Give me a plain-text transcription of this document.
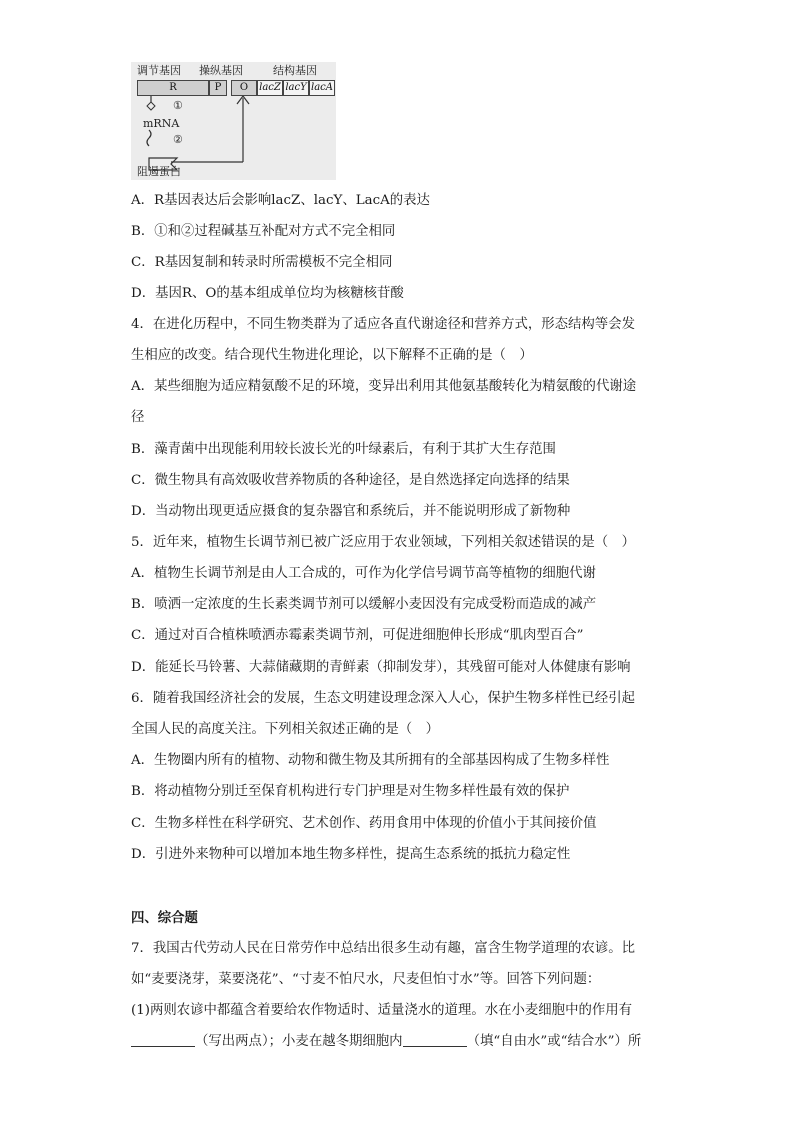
调节基因 操纵基因	结构基因
R	P	O	lacZ lacY lacA
①
mRNA
②
阻遏蛋白
A．R基因表达后会影响lacZ、lacY、LacA的表达
B．①和②过程碱基互补配对方式不完全相同
C．R基因复制和转录时所需模板不完全相同
D．基因R、O的基本组成单位均为核糖核苷酸
4．在进化历程中，不同生物类群为了适应各直代谢途径和营养方式，形态结构等会发
生相应的改变。结合现代生物进化理论，以下解释不正确的是（　）
A．某些细胞为适应精氨酸不足的环境，变异出利用其他氨基酸转化为精氨酸的代谢途
径
B．藻青菌中出现能利用较长波长光的叶绿素后，有利于其扩大生存范围
C．微生物具有高效吸收营养物质的各种途径，是自然选择定向选择的结果
D．当动物出现更适应摄食的复杂器官和系统后，并不能说明形成了新物种
5．近年来，植物生长调节剂已被广泛应用于农业领域，下列相关叙述错误的是（　）
A．植物生长调节剂是由人工合成的，可作为化学信号调节高等植物的细胞代谢
B．喷洒一定浓度的生长素类调节剂可以缓解小麦因没有完成受粉而造成的减产
C．通过对百合植株喷洒赤霉素类调节剂，可促进细胞伸长形成“肌肉型百合”
D．能延长马铃薯、大蒜储藏期的青鲜素（抑制发芽），其残留可能对人体健康有影响
6．随着我国经济社会的发展，生态文明建设理念深入人心，保护生物多样性已经引起
全国人民的高度关注。下列相关叙述正确的是（　）
A．生物圈内所有的植物、动物和微生物及其所拥有的全部基因构成了生物多样性
B．将动植物分别迁至保育机构进行专门护理是对生物多样性最有效的保护
C．生物多样性在科学研究、艺术创作、药用食用中体现的价值小于其间接价值
D．引进外来物种可以增加本地生物多样性，提高生态系统的抵抗力稳定性
四、综合题
7．我国古代劳动人民在日常劳作中总结出很多生动有趣，富含生物学道理的农谚。比
如“麦要浇芽，菜要浇花”、“寸麦不怕尺水，尺麦但怕寸水”等。回答下列问题：
(1)两则农谚中都蕴含着要给农作物适时、适量浇水的道理。水在小麦细胞中的作用有
（写出两点）；小麦在越冬期细胞内	（填“自由水”或“结合水”）所
